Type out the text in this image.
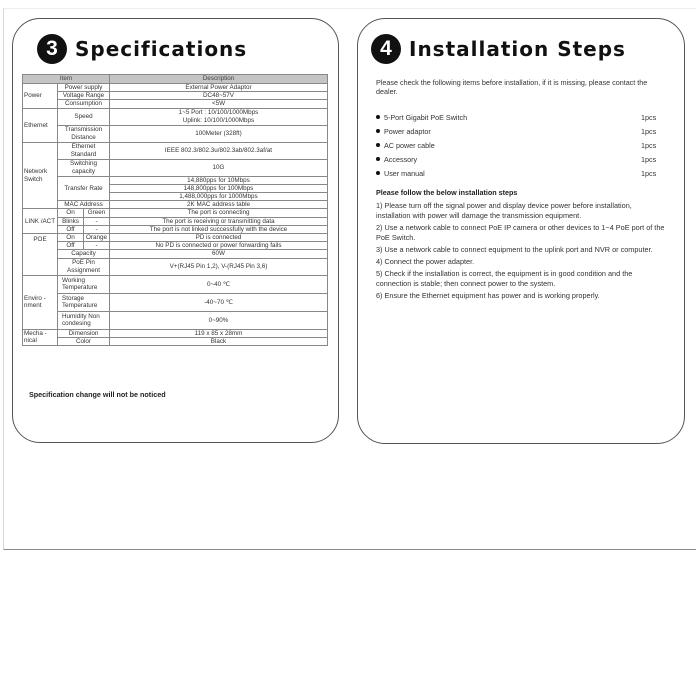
3 Specifications
Item			Description
Power	Power supply		External Power Adaptor
	Voltage Range		DC48~57V
	Consumption		<5W
Ethernet	Speed		1~5 Port : 10/100/1000Mbps
Uplink: 10/100/1000Mbps

	Transmission Distance		100Meter (328ft)
Network Switch	Ethernet Standard		IEEE 802.3/802.3u/802.3ab/802.3af/at
	Switching capacity		10G
	Transfer Rate		14,880pps for 10Mbps
			148,800pps for 100Mbps
			1,488,000pps for 1000Mbps
	MAC Address		2K MAC address table
LINK /ACT	On	Green	The port is connecting
	Blinks	-	The port is receiving or transmitting data
	Off	-	The port is not linked successfully with the device
POE	On	Orange	PD is connected
	Off	-	No PD is connected or power forwarding fails
	Capacity		60W
	PoE Pin Assignment		V+(RJ45 Pin 1,2), V-(RJ45 Pin 3,6)
Enviro -nment	Working Temperature		0~40 ℃
	Storage Temperature		-40~70 ℃
	Humidity Non condesing		0~90%
Mecha -nical	Dimension		119 x 85 x 28mm
	Color		Black
Specification change will not be noticed
4 Installation Steps
Please check the following items before installation, if it is missing, please contact the dealer.
5-Port Gigabit PoE Switch	1pcs
Power adaptor	1pcs
AC power cable	1pcs
Accessory	1pcs
User manual	1pcs
Please follow the below installation steps
1) Please turn off the signal power and display device power before installation, installation with power will damage the transmission equipment.
2) Use a network cable to connect PoE IP camera or other devices to 1~4 PoE port of the PoE Switch.
3) Use a network cable to connect equipment to the uplink port and NVR or computer.
4) Connect the power adapter.
5) Check if the installation is correct, the equipment is in good condition and the connection is stable; then connect power to the system.
6) Ensure the Ethernet equipment has power and is working properly.
